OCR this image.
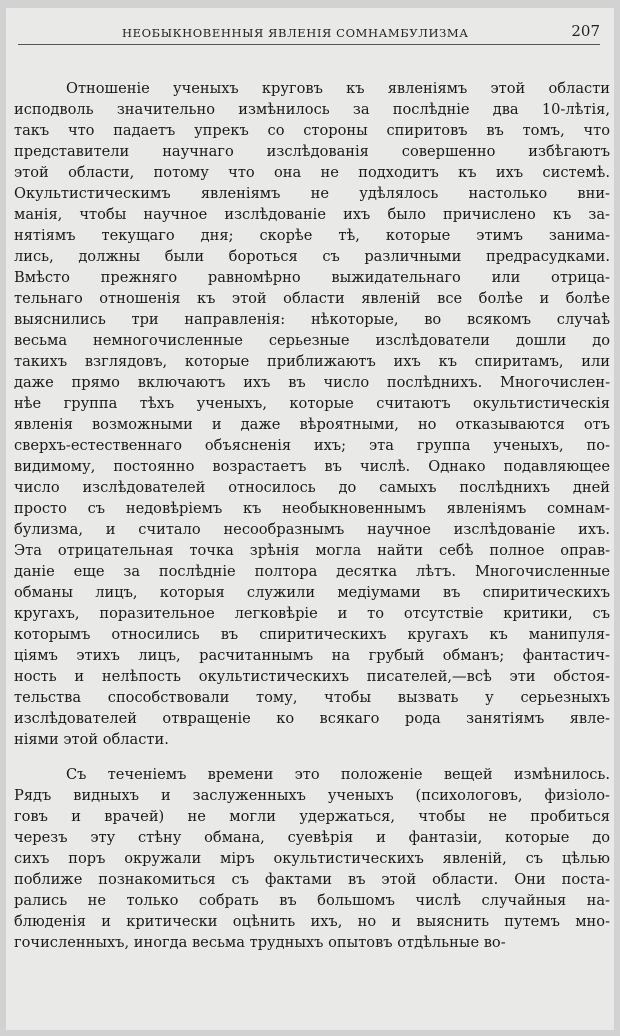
НЕОБЫКНОВЕННЫЯ ЯВЛЕНІЯ СОМНАМБУЛИЗМА	207
Отношеніе ученыхъ круговъ къ явленіямъ этой области
исподволь значительно измѣнилось за послѣдніе два 10-лѣтія,
такъ что падаетъ упрекъ со стороны спиритовъ въ томъ, что
представители научнаго изслѣдованія совершенно избѣгаютъ
этой области, потому что она не подходитъ къ ихъ системѣ.
Окультистическимъ явленіямъ не удѣлялось настолько вни-
манія, чтобы научное изслѣдованіе ихъ было причислено къ за-
нятіямъ текущаго дня; скорѣе тѣ, которые этимъ занима-
лись, должны были бороться съ различными предрасудками.
Вмѣсто прежняго равномѣрно выжидательнаго или отрица-
тельнаго отношенія къ этой области явленій все болѣе и болѣе
выяснились три направленія: нѣкоторые, во всякомъ случаѣ
весьма немногочисленные серьезные изслѣдователи дошли до
такихъ взглядовъ, которые приближаютъ ихъ къ спиритамъ, или
даже прямо включаютъ ихъ въ число послѣднихъ. Многочислен-
нѣе группа тѣхъ ученыхъ, которые считаютъ окультистическія
явленія возможными и даже вѣроятными, но отказываются отъ
сверхъ-естественнаго объясненія ихъ; эта группа ученыхъ, по-
видимому, постоянно возрастаетъ въ числѣ. Однако подавляющее
число изслѣдователей относилось до самыхъ послѣднихъ дней
просто съ недовѣріемъ къ необыкновеннымъ явленіямъ сомнам-
булизма, и считало несообразнымъ научное изслѣдованіе ихъ.
Эта отрицательная точка зрѣнія могла найти себѣ полное оправ-
даніе еще за послѣдніе полтора десятка лѣтъ. Многочисленные
обманы лицъ, которыя служили медіумами въ спиритическихъ
кругахъ, поразительное легковѣріе и то отсутствіе критики, съ
которымъ относились въ спиритическихъ кругахъ къ манипуля-
ціямъ этихъ лицъ, расчитаннымъ на грубый обманъ; фантастич-
ность и нелѣпость окультистическихъ писателей,—всѣ эти обстоя-
тельства способствовали тому, чтобы вызвать у серьезныхъ
изслѣдователей отвращеніе ко всякаго рода занятіямъ явле-
ніями этой области.
Съ теченіемъ времени это положеніе вещей измѣнилось.
Рядъ видныхъ и заслуженныхъ ученыхъ (психологовъ, физіоло-
говъ и врачей) не могли удержаться, чтобы не пробиться
черезъ эту стѣну обмана, суевѣрія и фантазіи, которые до
сихъ поръ окружали міръ окультистическихъ явленій, съ цѣлью
поближе познакомиться съ фактами въ этой области. Они поста-
рались не только собрать въ большомъ числѣ случайныя на-
блюденія и критически оцѣнить ихъ, но и выяснить путемъ мно-
гочисленныхъ, иногда весьма трудныхъ опытовъ отдѣльные во-
